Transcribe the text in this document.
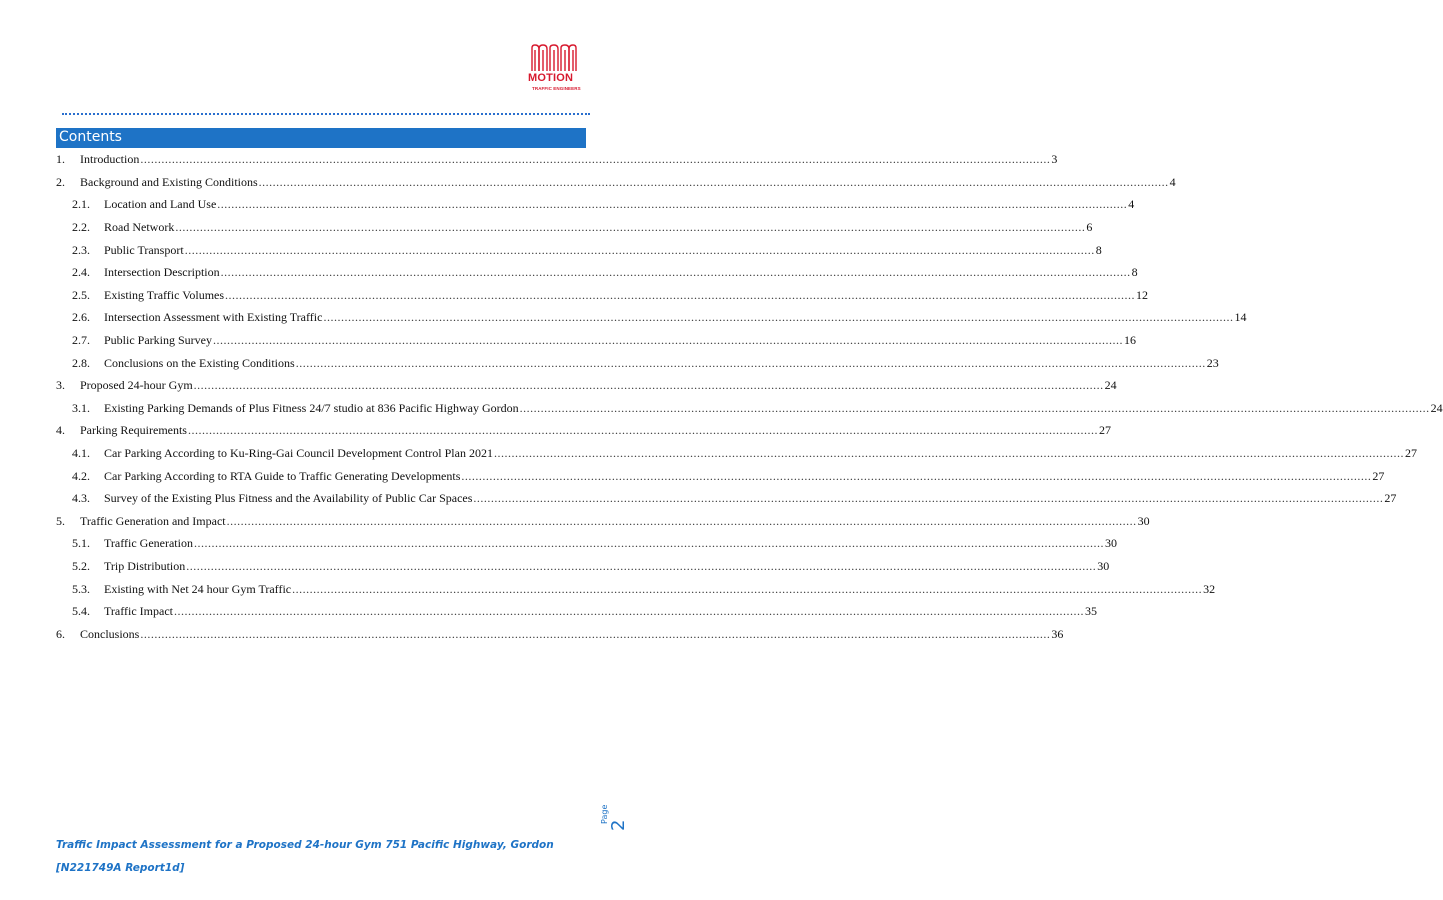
MOTION
TRAFFIC ENGINEERS
Contents
1.	Introduction .................................................................................................................................................................................................................................................................... 3
2.	Background and Existing Conditions .................................................................................................................................................................................................................................................................... 4
2.1.	Location and Land Use .................................................................................................................................................................................................................................................................... 4
2.2.	Road Network .................................................................................................................................................................................................................................................................... 6
2.3.	Public Transport .................................................................................................................................................................................................................................................................... 8
2.4.	Intersection Description .................................................................................................................................................................................................................................................................... 8
2.5.	Existing Traffic Volumes .................................................................................................................................................................................................................................................................... 12
2.6.	Intersection Assessment with Existing Traffic .................................................................................................................................................................................................................................................................... 14
2.7.	Public Parking Survey .................................................................................................................................................................................................................................................................... 16
2.8.	Conclusions on the Existing Conditions .................................................................................................................................................................................................................................................................... 23
3.	Proposed 24-hour Gym .................................................................................................................................................................................................................................................................... 24
3.1.	Existing Parking Demands of Plus Fitness 24/7 studio at 836 Pacific Highway Gordon .................................................................................................................................................................................................................................................................... 24
4.	Parking Requirements .................................................................................................................................................................................................................................................................... 27
4.1.	Car Parking According to Ku-Ring-Gai Council Development Control Plan 2021 .................................................................................................................................................................................................................................................................... 27
4.2.	Car Parking According to RTA Guide to Traffic Generating Developments .................................................................................................................................................................................................................................................................... 27
4.3.	Survey of the Existing Plus Fitness and the Availability of Public Car Spaces .................................................................................................................................................................................................................................................................... 27
5.	Traffic Generation and Impact .................................................................................................................................................................................................................................................................... 30
5.1.	Traffic Generation .................................................................................................................................................................................................................................................................... 30
5.2.	Trip Distribution .................................................................................................................................................................................................................................................................... 30
5.3.	Existing with Net 24 hour Gym Traffic .................................................................................................................................................................................................................................................................... 32
5.4.	Traffic Impact .................................................................................................................................................................................................................................................................... 35
6.	Conclusions .................................................................................................................................................................................................................................................................... 36
Page
2
Traffic Impact Assessment for a Proposed 24-hour Gym 751 Pacific Highway, Gordon
[N221749A Report1d]
